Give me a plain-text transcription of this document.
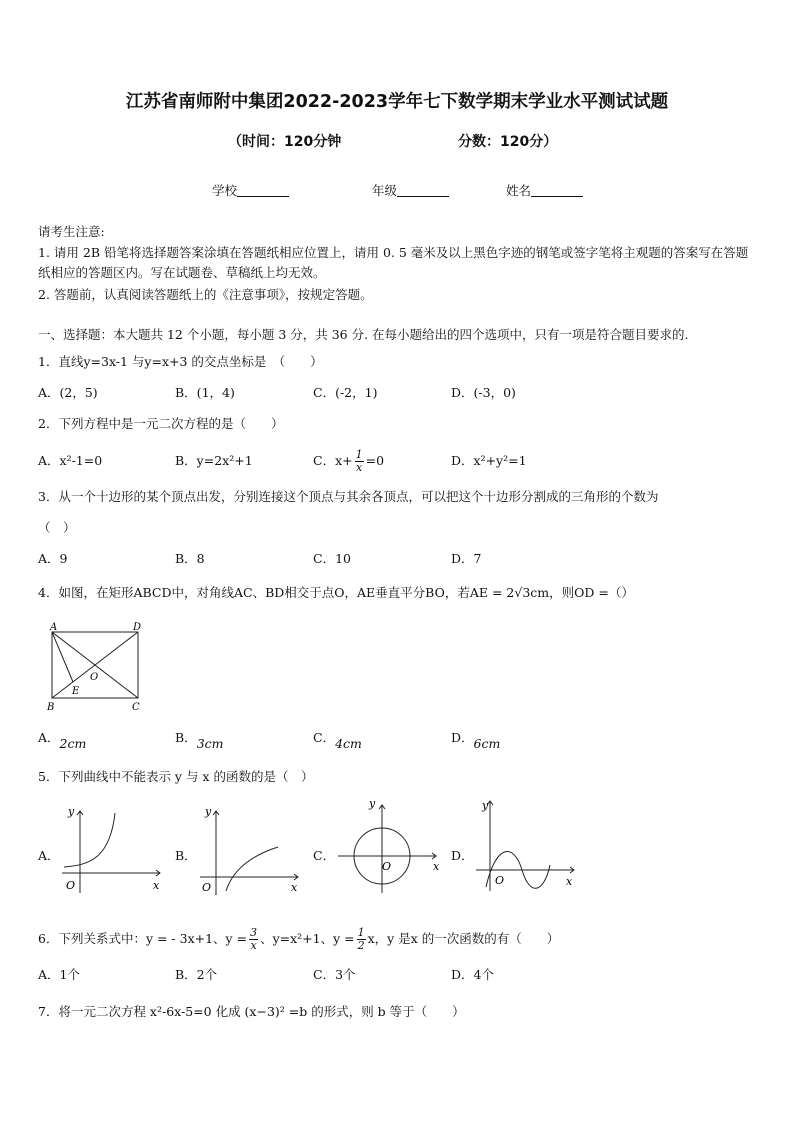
江苏省南师附中集团2022-2023学年七下数学期末学业水平测试试题
（时间：120分钟	分数：120分）
学校	年级	姓名
请考生注意:
1. 请用 2B 铅笔将选择题答案涂填在答题纸相应位置上，请用 0. 5 毫米及以上黑色字迹的钢笔或签字笔将主观题的答案写在答题纸相应的答题区内。写在试题卷、草稿纸上均无效。
2. 答题前，认真阅读答题纸上的《注意事项》，按规定答题。
一、选择题：本大题共 12 个小题，每小题 3 分，共 36 分. 在每小题给出的四个选项中，只有一项是符合题目要求的.
1．直线y=3x-1 与y=x+3 的交点坐标是　（　　）
A．(2，5)	B．(1，4)	C．(-2，1)	D．(-3，0)
2．下列方程中是一元二次方程的是（　　）
A．x²-1=0	B．y=2x²+1	C．$x+ \frac{1}{x} =0$	D．x²+y²=1
3．从一个十边形的某个顶点出发，分别连接这个顶点与其余各顶点，可以把这个十边形分割成的三角形的个数为
（　）
A．9	B．8	C．10	D．7
4．如图，在矩形ABCD中，对角线AC、BD相交于点O，AE垂直平分BO，若AE = 2√3cm，则OD =（）
A	D
B	C
O
E
A．2cm	B．3cm	C．4cm	D．6cm
5．下列曲线中不能表示 y 与 x 的函数的是（　）
A．
x
y
O
B．
x
y
O
C．
x
y
O
D．
x
y
O
6．下列关系式中：y = - 3x+1、$y = \frac{3}{x}$ 、y=x²+1、$y = \frac{1}{2}$ x，y 是x 的一次函数的有（　　）
A．1个	B．2个	C．3个	D．4个
7．将一元二次方程 x²-6x-5=0 化成 (x−3)² =b 的形式，则 b 等于（　　）
